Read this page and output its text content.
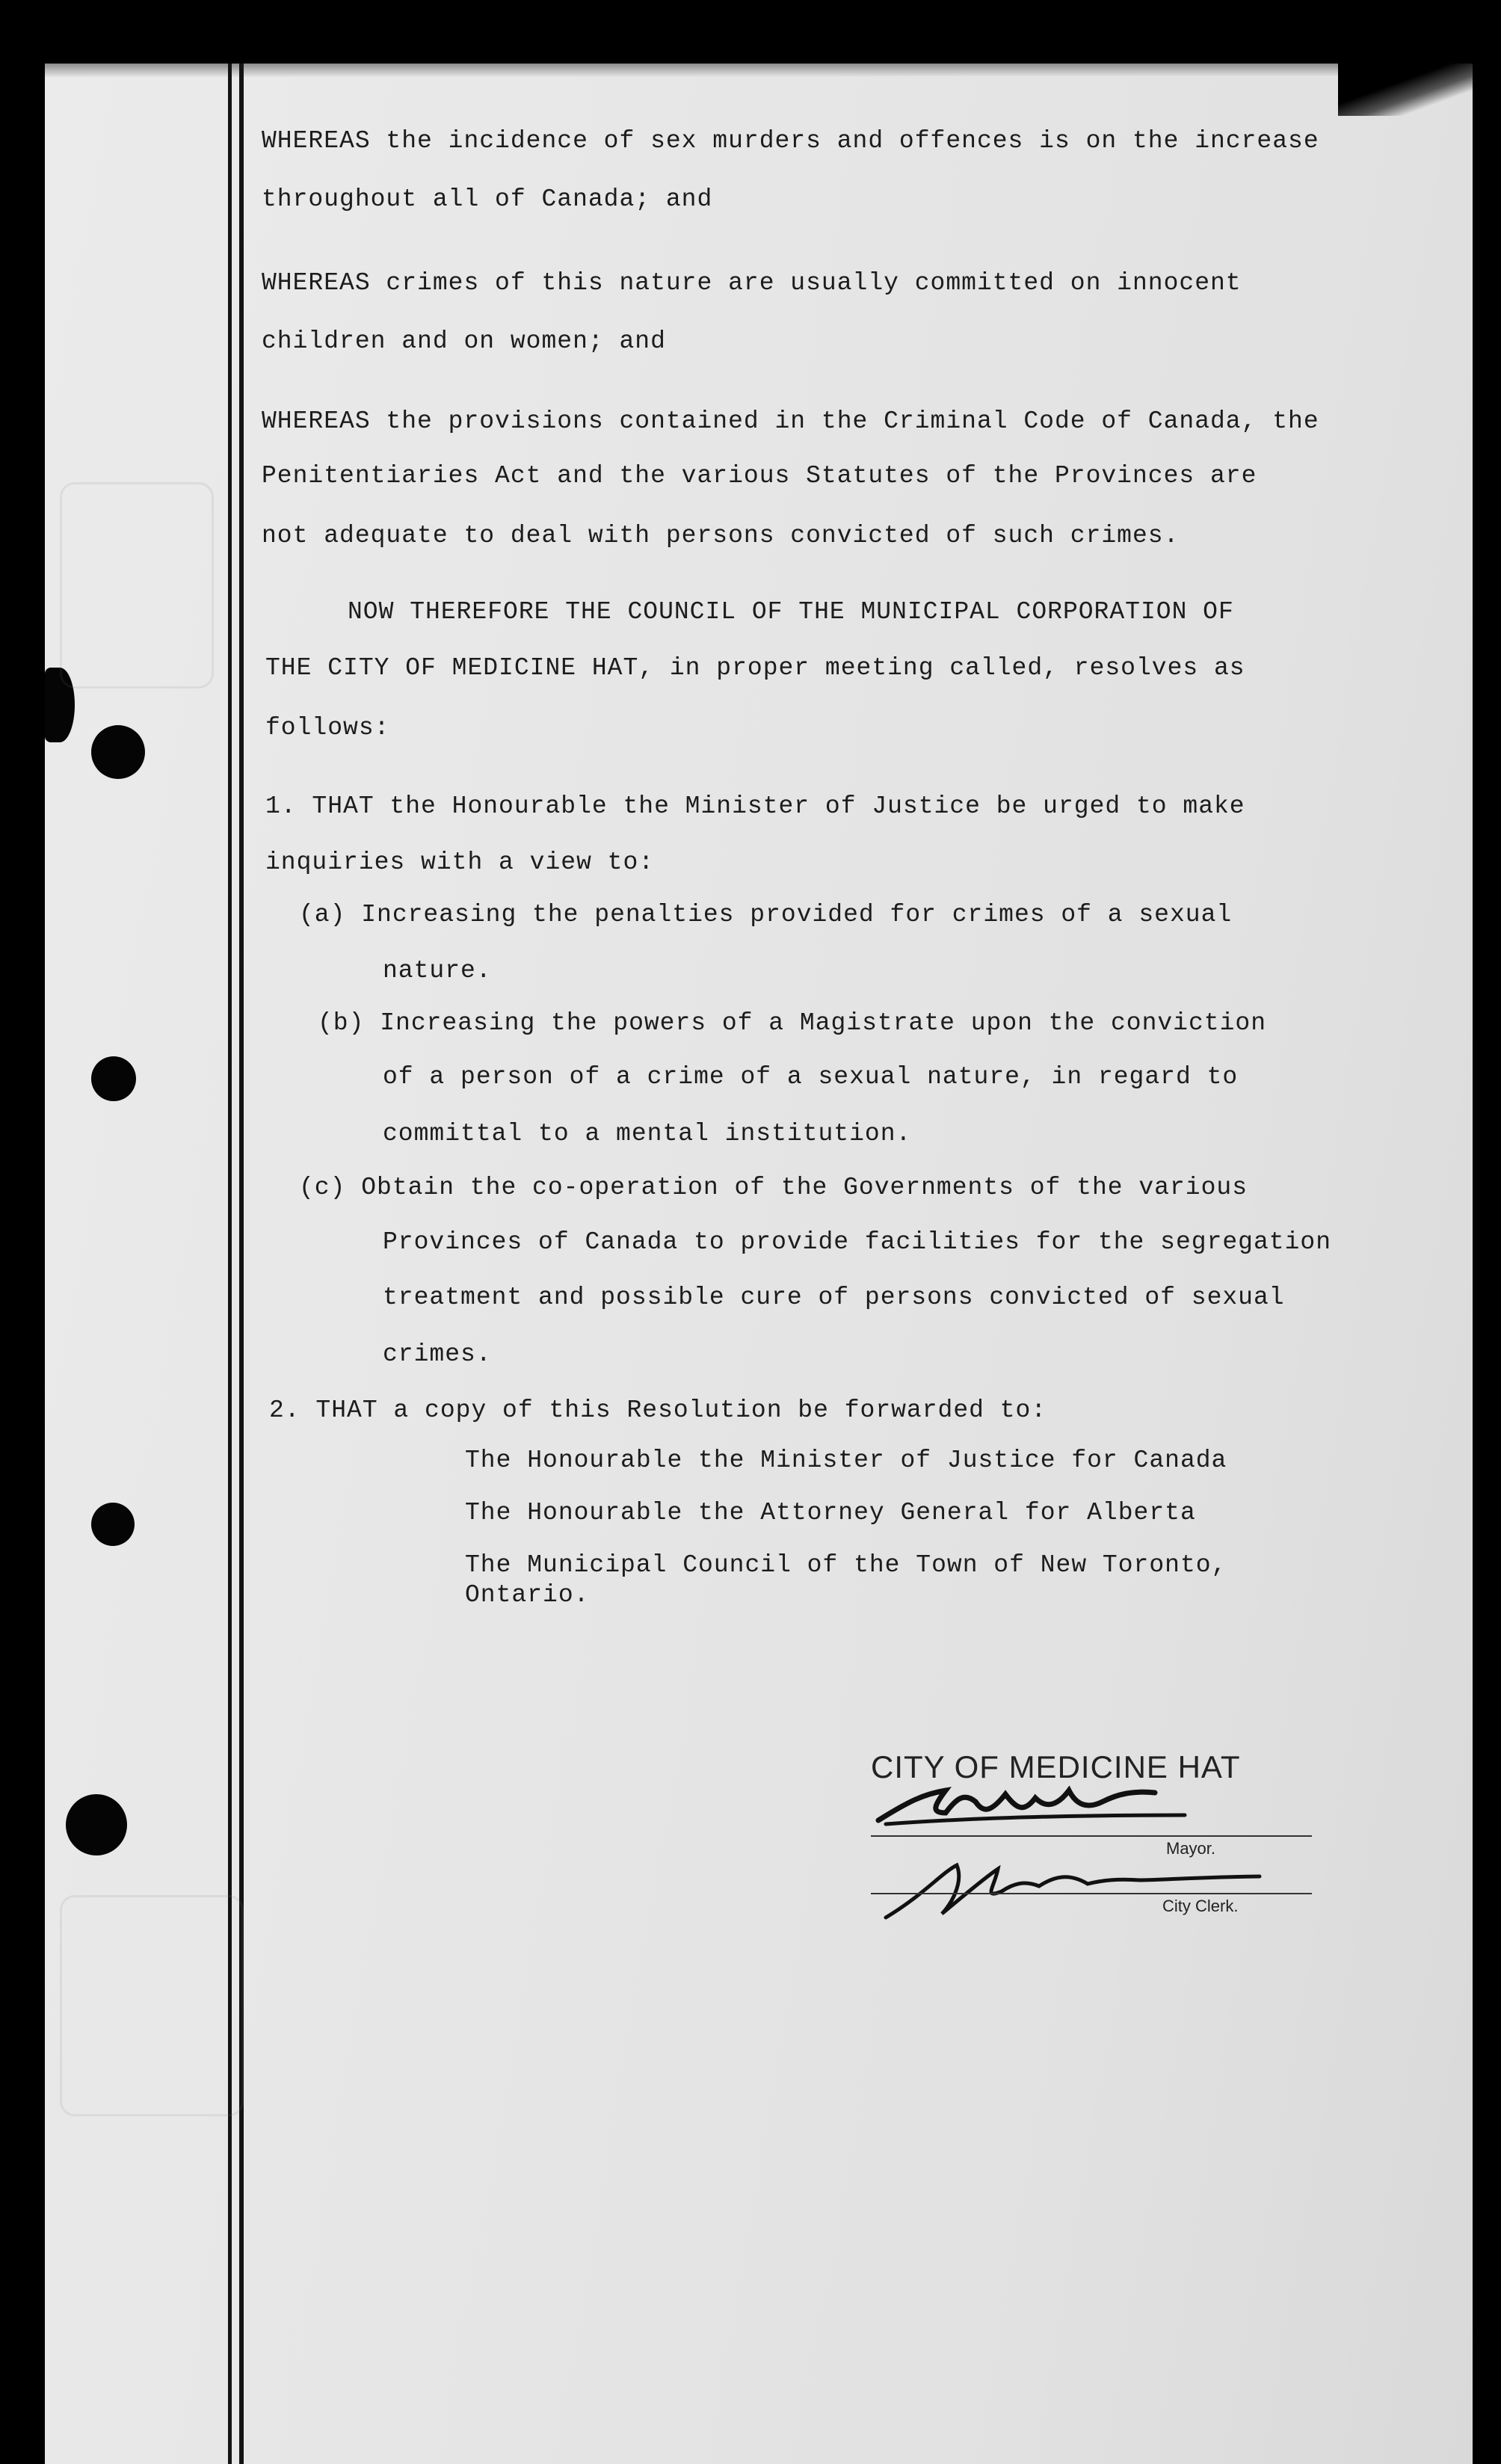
WHEREAS the incidence of sex murders and offences is on the increase
throughout all of Canada; and
WHEREAS crimes of this nature are usually committed on innocent
children and on women; and
WHEREAS the provisions contained in the Criminal Code of Canada, the
Penitentiaries Act and the various Statutes of the Provinces are
not adequate to deal with persons convicted of such crimes.
NOW THEREFORE THE COUNCIL OF THE MUNICIPAL CORPORATION OF
THE CITY OF MEDICINE HAT, in proper meeting called, resolves as
follows:
1. THAT the Honourable the Minister of Justice be urged to make
inquiries with a view to:
(a) Increasing the penalties provided for crimes of a sexual
nature.
(b) Increasing the powers of a Magistrate upon the conviction
of a person of a crime of a sexual nature, in regard to
committal to a mental institution.
(c) Obtain the co-operation of the Governments of the various
Provinces of Canada to provide facilities for the segregation
treatment and possible cure of persons convicted of sexual
crimes.
2. THAT a copy of this Resolution be forwarded to:
The Honourable the Minister of Justice for Canada
The Honourable the Attorney General for Alberta
The Municipal Council of the Town of New Toronto,
Ontario.
CITY OF MEDICINE HAT
Mayor.
City Clerk.
